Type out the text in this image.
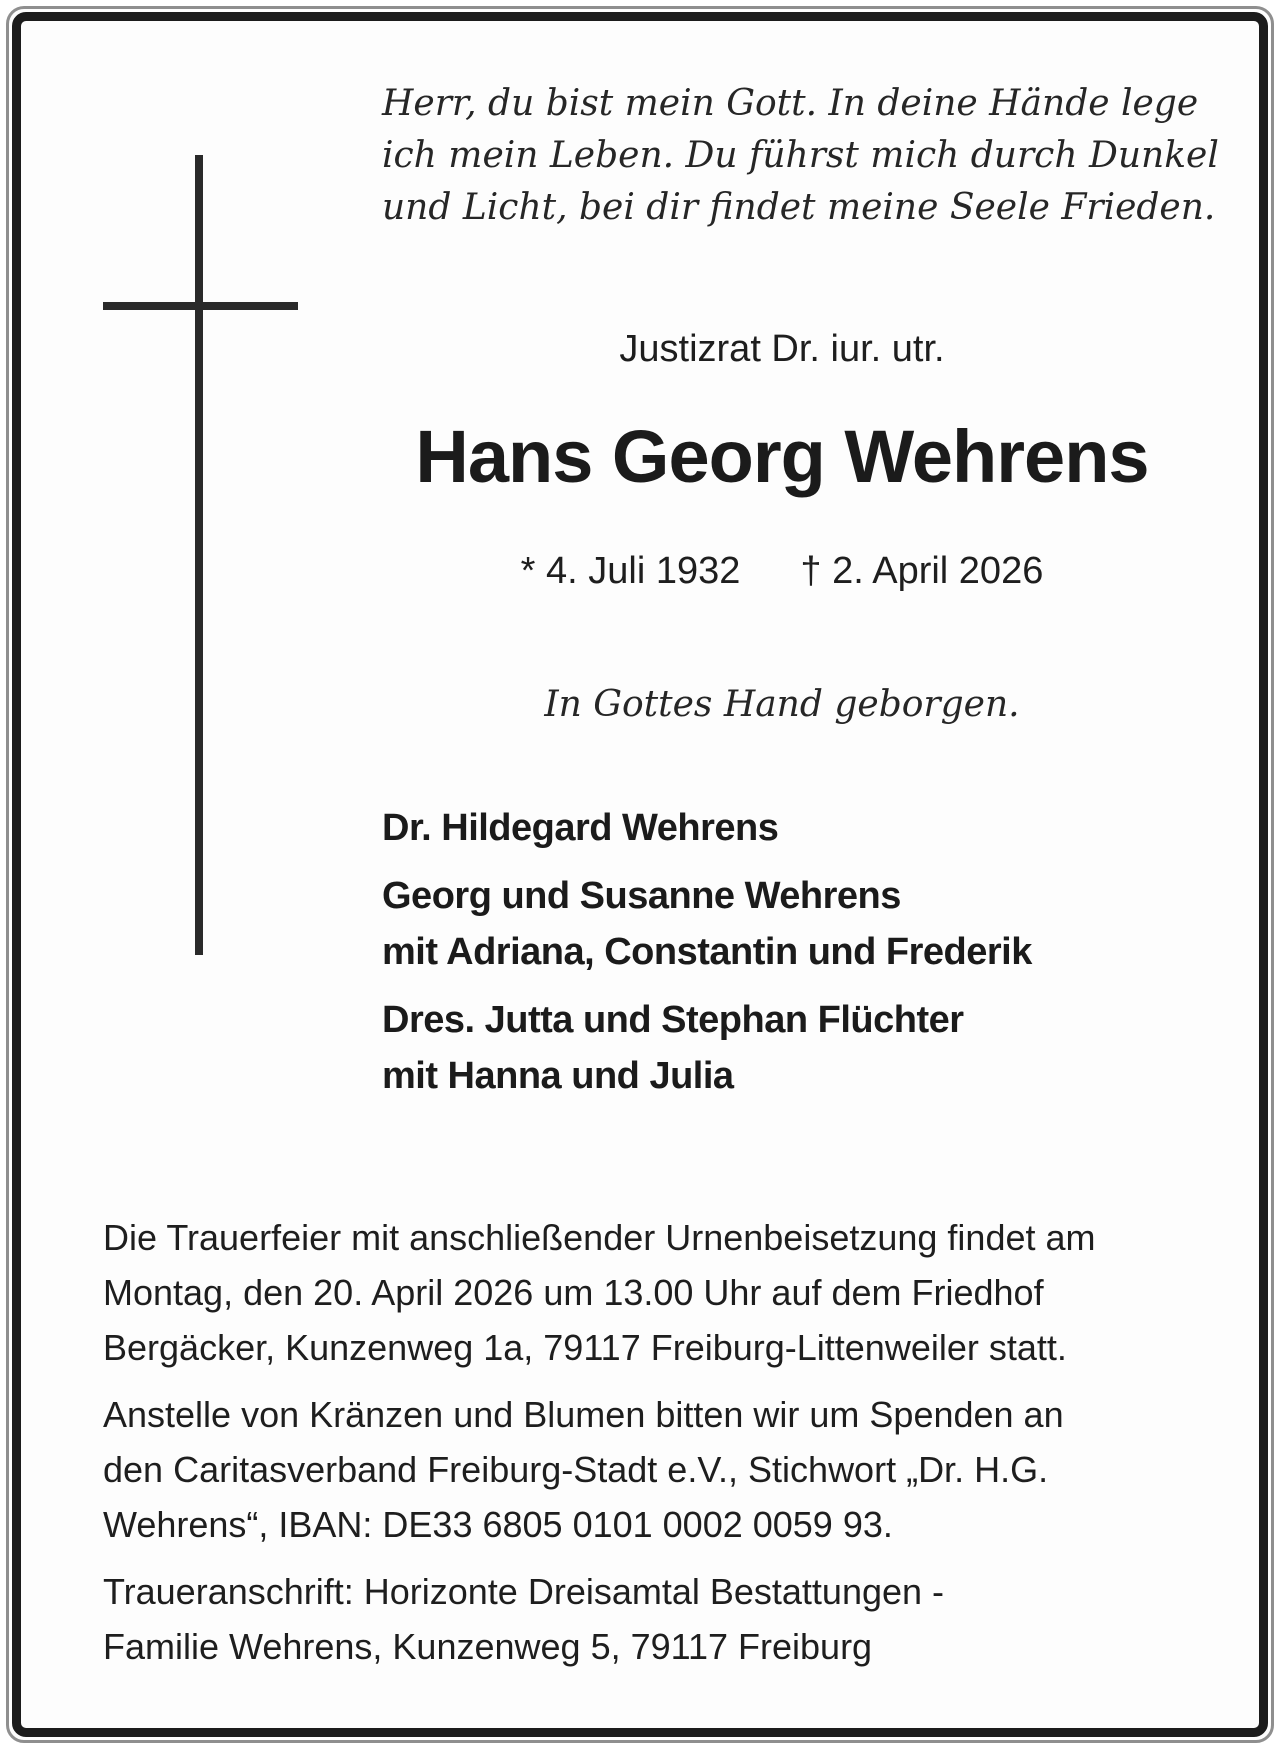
Herr, du bist mein Gott. In deine Hände lege

ich mein Leben. Du führst mich durch Dunkel

und Licht, bei dir findet meine Seele Frieden.

Justizrat Dr. iur. utr.
Hans Georg Wehrens
* 4. Juli 1932 † 2. April 2026
In Gottes Hand geborgen.
Dr. Hildegard Wehrens
Georg und Susanne Wehrens
mit Adriana, Constantin und Frederik
Dres. Jutta und Stephan Flüchter
mit Hanna und Julia
Die Trauerfeier mit anschließender Urnenbeisetzung findet am
Montag, den 20. April 2026 um 13.00 Uhr auf dem Friedhof
Bergäcker, Kunzenweg 1a, 79117 Freiburg-Littenweiler statt.
Anstelle von Kränzen und Blumen bitten wir um Spenden an
den Caritasverband Freiburg-Stadt e.V., Stichwort „Dr. H.G.
Wehrens“, IBAN: DE33 6805 0101 0002 0059 93.
Traueranschrift: Horizonte Dreisamtal Bestattungen -
Familie Wehrens, Kunzenweg 5, 79117 Freiburg
